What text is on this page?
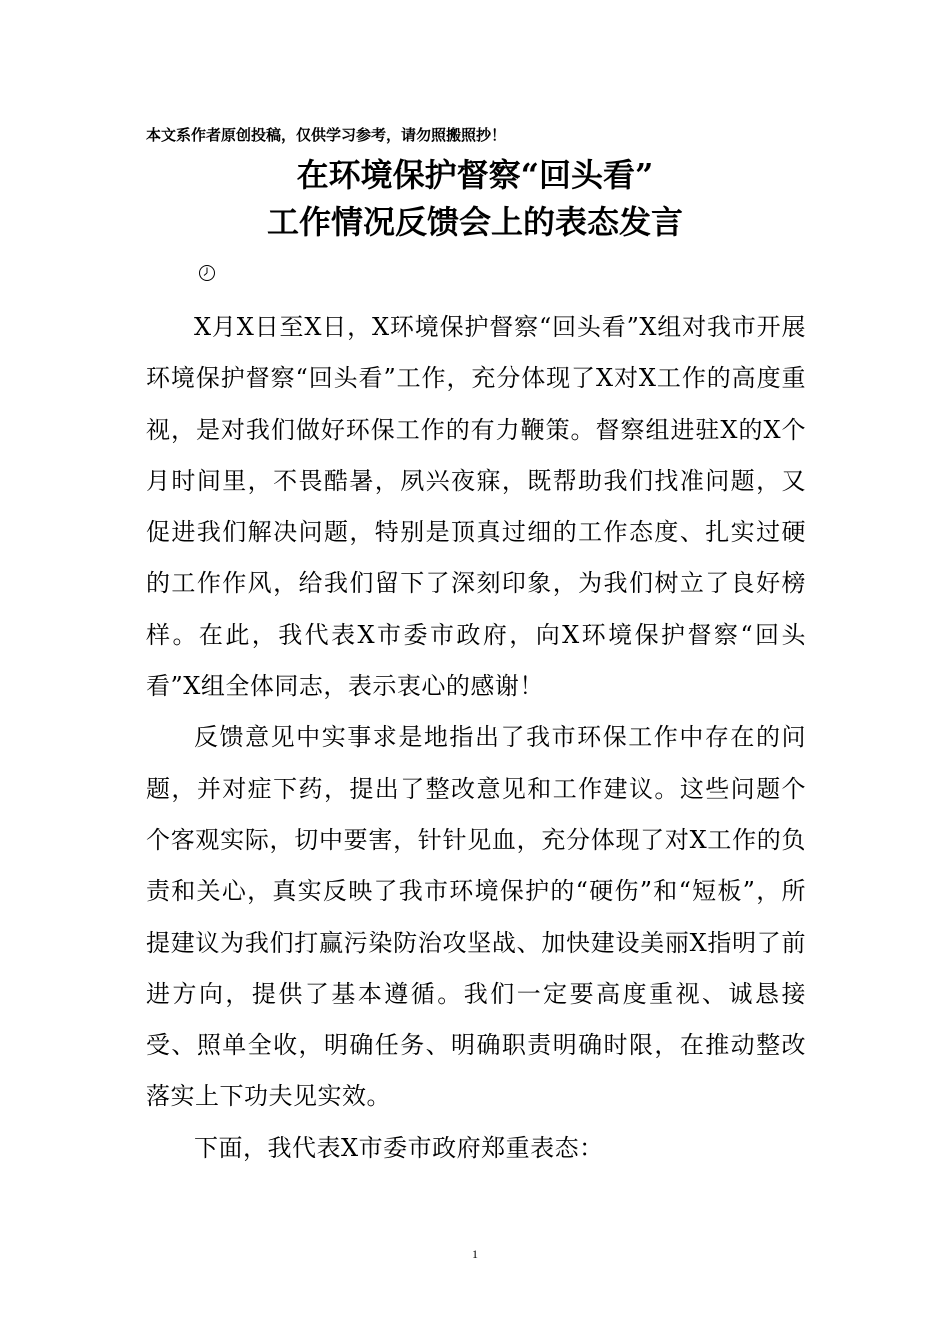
本文系作者原创投稿，仅供学习参考，请勿照搬照抄！
在环境保护督察“回头看”
工作情况反馈会上的表态发言

X月X日至X日，X环境保护督察“回头看”X组对我市开展环境保护督察“回头看”工作，充分体现了X对X工作的高度重视，是对我们做好环保工作的有力鞭策。督察组进驻X的X个月时间里，不畏酷暑，夙兴夜寐，既帮助我们找准问题，又促进我们解决问题，特别是顶真过细的工作态度、扎实过硬的工作作风，给我们留下了深刻印象，为我们树立了良好榜样。在此，我代表X市委市政府，向X环境保护督察“回头看”X组全体同志，表示衷心的感谢！

反馈意见中实事求是地指出了我市环保工作中存在的问题，并对症下药，提出了整改意见和工作建议。这些问题个个客观实际，切中要害，针针见血，充分体现了对X工作的负责和关心，真实反映了我市环境保护的“硬伤”和“短板”，所提建议为我们打赢污染防治攻坚战、加快建设美丽X指明了前进方向，提供了基本遵循。我们一定要高度重视、诚恳接受、照单全收，明确任务、明确职责明确时限，在推动整改落实上下功夫见实效。

下面，我代表X市委市政府郑重表态：

1
